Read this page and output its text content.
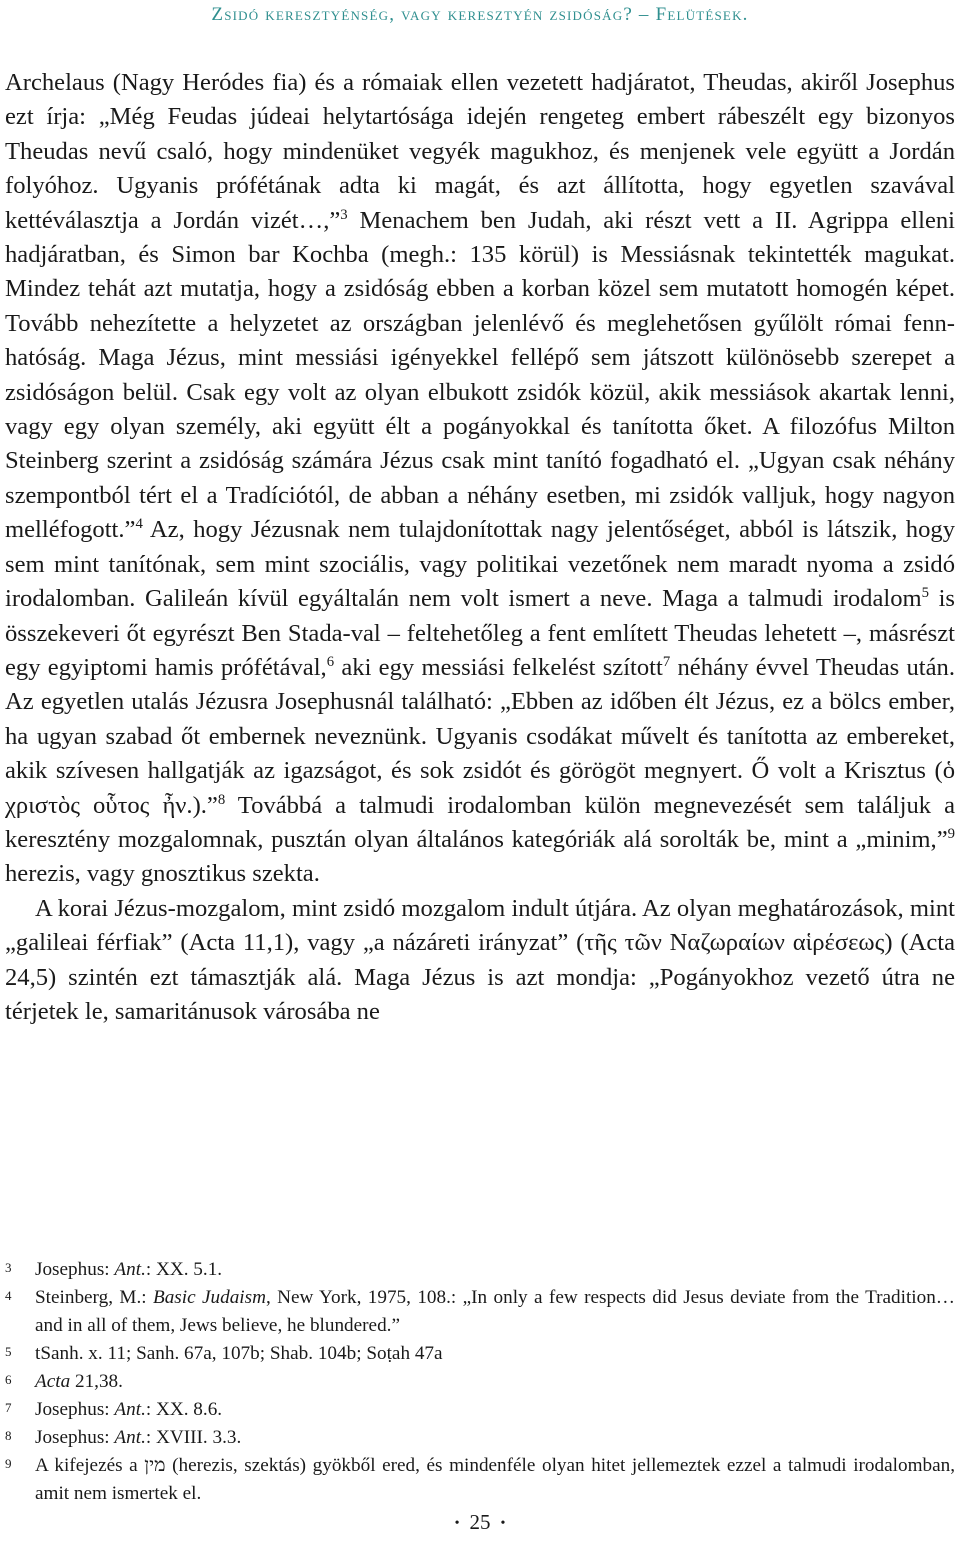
Zsidó keresztyénség, vagy keresztyén zsidóság? – Felütések.

Archelaus (Nagy Heródes fia) és a rómaiak ellen vezetett hadjáratot, Theudas, akiről Josephus ezt írja: „Még Feudas júdeai helytartósága idején rengeteg embert rábeszélt egy bizonyos Theudas nevű csaló, hogy mindenüket vegyék magukhoz, és menjenek vele együtt a Jordán folyóhoz. Ugyanis prófétának adta ki magát, és azt állította, hogy egyetlen szavával kettéválasztja a Jordán vizét…,”$^3$ Menachem ben Judah, aki részt vett a II. Agrippa elleni hadjáratban, és Simon bar Kochba (megh.: 135 körül) is Messiásnak tekintették magukat. Mindez tehát azt mutatja, hogy a zsidóság ebben a korban közel sem mutatott homogén képet. Tovább nehezítette a helyzetet az országban jelenlévő és meglehetősen gyűlölt római fennhatóság. Maga Jézus, mint messiási igényekkel fellépő sem játszott különösebb szerepet a zsidóságon belül. Csak egy volt az olyan elbukott zsidók közül, akik messiások akartak lenni, vagy egy olyan személy, aki együtt élt a pogányokkal és tanította őket. A filozófus Milton Steinberg szerint a zsidóság számára Jézus csak mint tanító fogadható el. „Ugyan csak néhány szempontból tért el a Tradíciótól, de abban a néhány esetben, mi zsidók valljuk, hogy nagyon melléfogott.”$^4$ Az, hogy Jézusnak nem tulajdonítottak nagy jelentőséget, abból is látszik, hogy sem mint tanítónak, sem mint szociális, vagy politikai vezetőnek nem maradt nyoma a zsidó irodalomban. Galileán kívül egyáltalán nem volt ismert a neve. Maga a talmudi irodalom$^5$ is összekeveri őt egyrészt Ben Stada-val – feltehetőleg a fent említett Theudas lehetett –, másrészt egy egyiptomi hamis prófétával,$^6$ aki egy messiási felkelést szított$^7$ néhány évvel Theudas után. Az egyetlen utalás Jézusra Josephusnál található: „Ebben az időben élt Jézus, ez a bölcs ember, ha ugyan szabad őt embernek neveznünk. Ugyanis csodákat művelt és tanította az embereket, akik szívesen hallgatják az igazságot, és sok zsidót és görögöt megnyert. Ő volt a Krisztus (ὁ χριστὸς οὗτος ἦν.).”$^8$ Továbbá a talmudi irodalomban külön megnevezését sem találjuk a keresztény mozgalomnak, pusztán olyan általános kategóriák alá sorolták be, mint a „minim,”$^9$ herezis, vagy gnosztikus szekta.

A korai Jézus-mozgalom, mint zsidó mozgalom indult útjára. Az olyan meghatározások, mint „galileai férfiak” (Acta 11,1), vagy „a názáreti irányzat” (τῆς τῶν Ναζωραίων αἱρέσεως) (Acta 24,5) szintén ezt támasztják alá. Maga Jézus is azt mondja: „Pogányokhoz vezető útra ne térjetek le, samaritánusok városába ne

3	Josephus: Ant.: XX. 5.1.
4	Steinberg, M.: Basic Judaism, New York, 1975, 108.: „In only a few respects did Jesus deviate from the Tradition… and in all of them, Jews believe, he blundered.”
5	tSanh. x. 11; Sanh. 67a, 107b; Shab. 104b; Soṭah 47a
6	Acta 21,38.
7	Josephus: Ant.: XX. 8.6.
8	Josephus: Ant.: XVIII. 3.3.
9	A kifejezés a מין (herezis, szektás) gyökből ered, és mindenféle olyan hitet jellemeztek ezzel a talmudi irodalomban, amit nem ismertek el.
• 25 •
